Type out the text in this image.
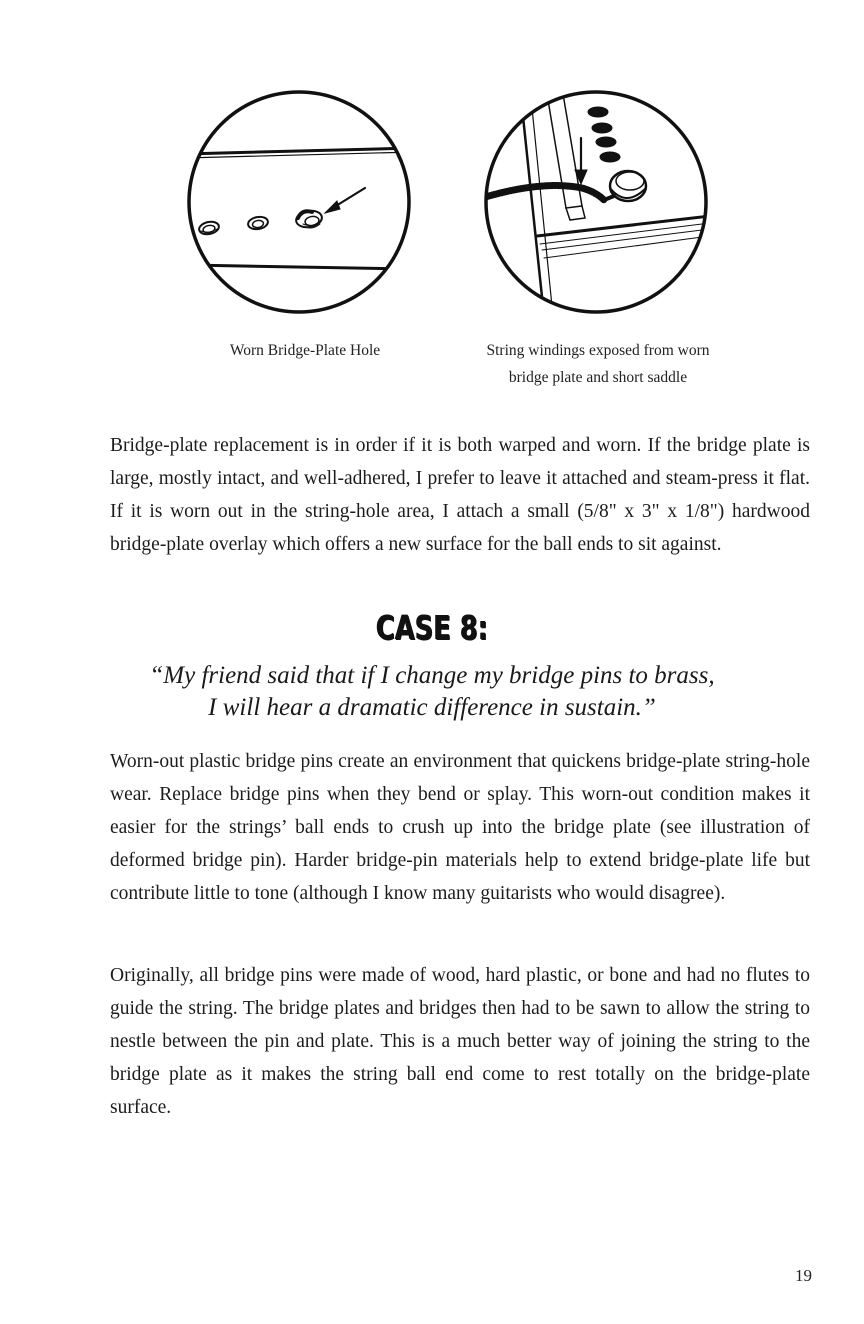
Worn Bridge-Plate Hole	String windings exposed from worn
bridge plate and short saddle

Bridge-plate replacement is in order if it is both warped and worn. If the bridge plate is large, mostly intact, and well-adhered, I prefer to leave it attached and steam-press it flat. If it is worn out in the string-hole area, I attach a small (5/8" x 3" x 1/8") hardwood bridge-plate overlay which offers a new surface for the ball ends to sit against.

CASE 8:
“My friend said that if I change my bridge pins to brass,
I will hear a dramatic difference in sustain.”

Worn-out plastic bridge pins create an environment that quickens bridge-plate string-hole wear. Replace bridge pins when they bend or splay. This worn-out condition makes it easier for the strings’ ball ends to crush up into the bridge plate (see illustration of deformed bridge pin). Harder bridge-pin materials help to extend bridge-plate life but contribute little to tone (although I know many guitarists who would disagree).

Originally, all bridge pins were made of wood, hard plastic, or bone and had no flutes to guide the string. The bridge plates and bridges then had to be sawn to allow the string to nestle between the pin and plate. This is a much better way of joining the string to the bridge plate as it makes the string ball end come to rest totally on the bridge-plate surface.

19
